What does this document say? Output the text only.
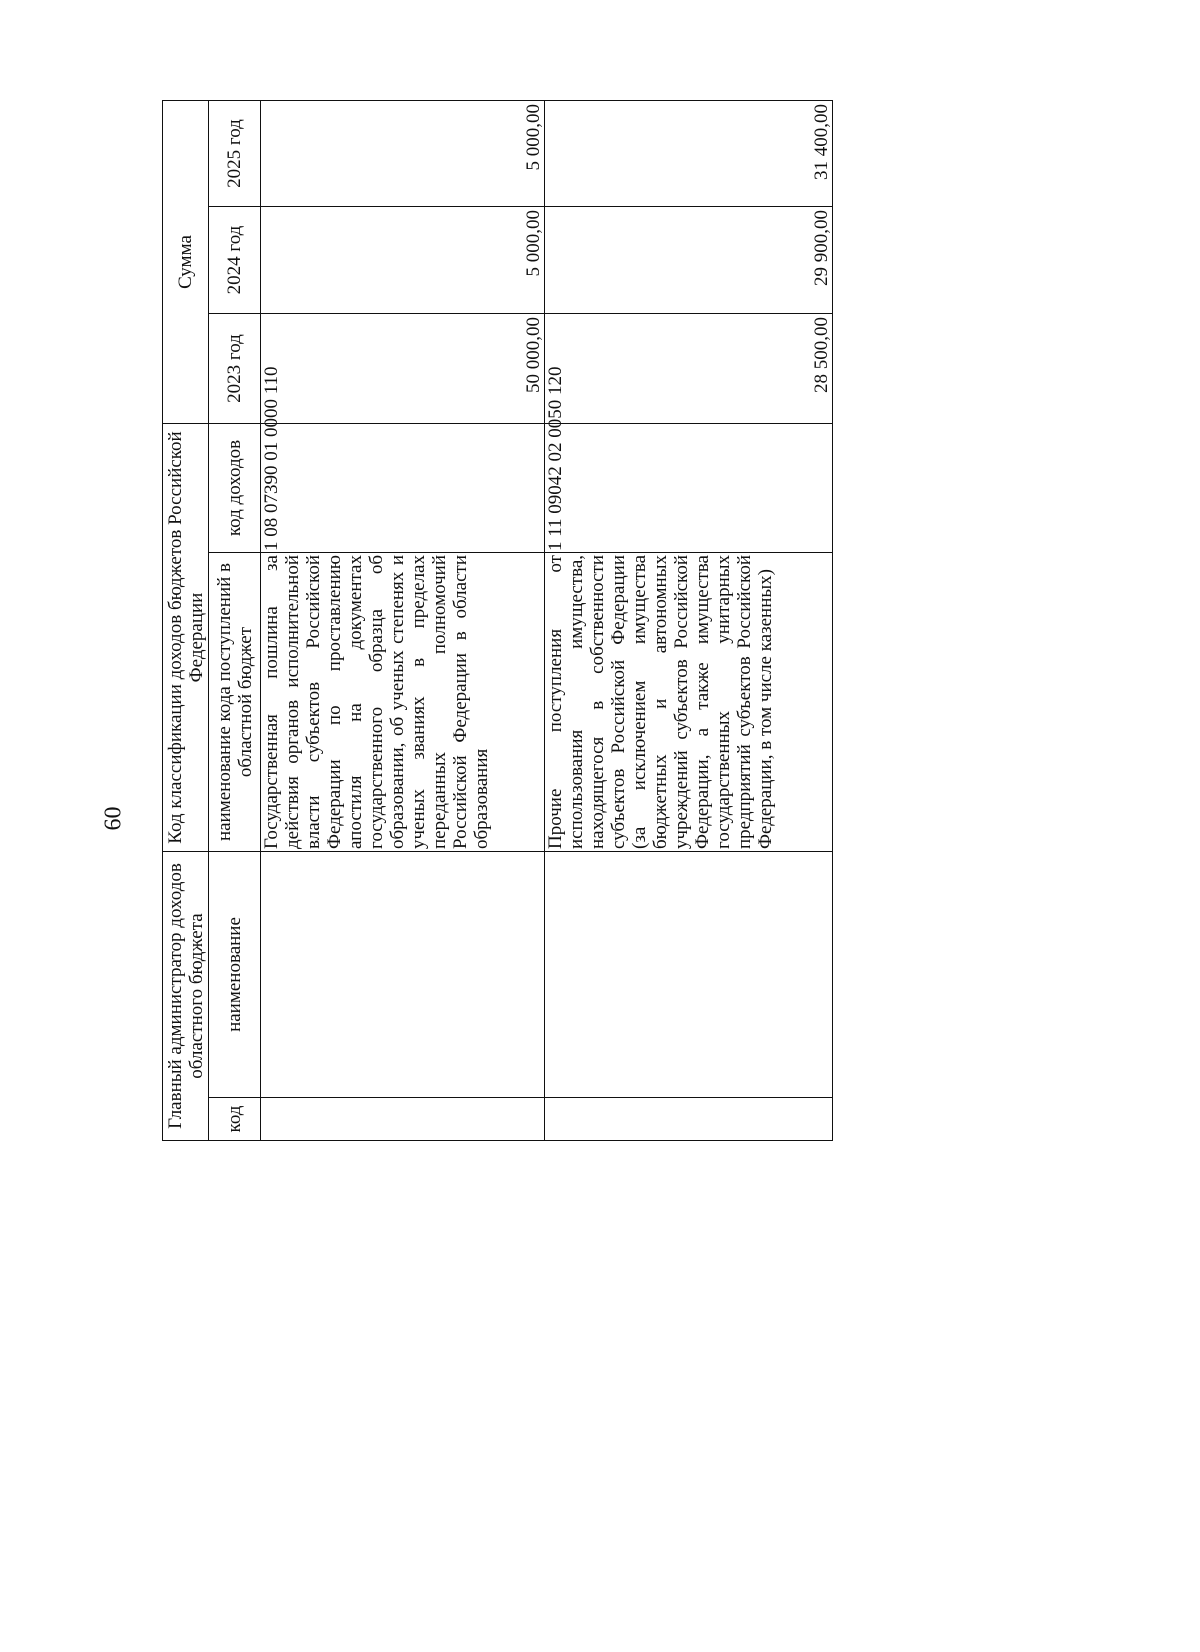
60
Главный администратор доходов областного бюджета		Код классификации доходов бюджетов Российской Федерации		Сумма		
код	наименование	наименование кода поступлений в областной бюджет	код доходов	2023 год	2024 год	2025 год
		Государственная пошлина за действия органов исполнительной власти субъектов Российской Федерации по проставлению апостиля на документах государственного образца об образовании, об ученых степенях и ученых званиях в пределах переданных полномочий Российской Федерации в области образования	1 08 07390 01 0000 110	50 000,00	5 000,00	5 000,00
		Прочие поступления от использования имущества, находящегося в собственности субъектов Российской Федерации (за исключением имущества бюджетных и автономных учреждений субъектов Российской Федерации, а также имущества государственных унитарных предприятий субъектов Российской Федерации, в том числе казенных)	1 11 09042 02 0050 120	28 500,00	29 900,00	31 400,00
